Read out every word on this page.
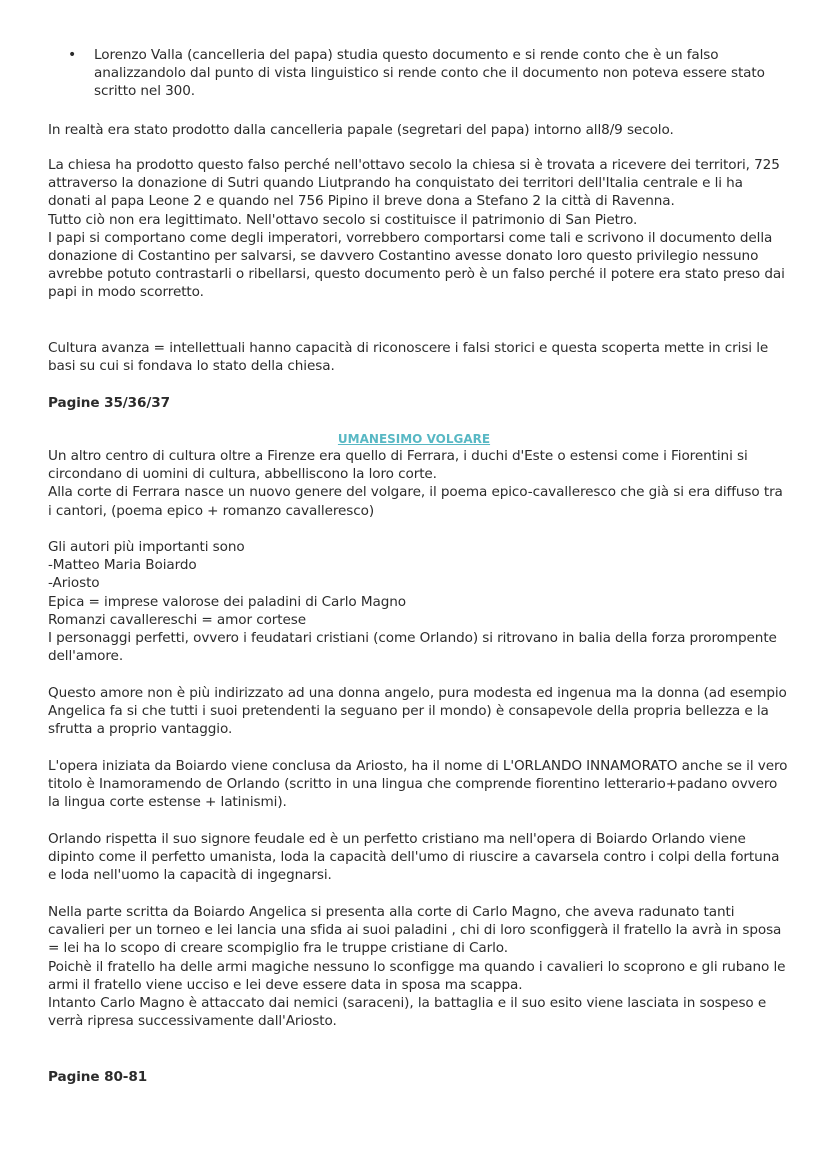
• Lorenzo Valla (cancelleria del papa) studia questo documento e si rende conto che è un falso analizzandolo dal punto di vista linguistico si rende conto che il documento non poteva essere stato scritto nel 300.

In realtà era stato prodotto dalla cancelleria papale (segretari del papa) intorno all8/9 secolo.

La chiesa ha prodotto questo falso perché nell'ottavo secolo la chiesa si è trovata a ricevere dei territori, 725 attraverso la donazione di Sutri quando Liutprando ha conquistato dei territori dell'Italia centrale e li ha donati al papa Leone 2 e quando nel 756 Pipino il breve dona a Stefano 2 la città di Ravenna.

Tutto ciò non era legittimato. Nell'ottavo secolo si costituisce il patrimonio di San Pietro.

I papi si comportano come degli imperatori, vorrebbero comportarsi come tali e scrivono il documento della donazione di Costantino per salvarsi, se davvero Costantino avesse donato loro questo privilegio nessuno avrebbe potuto contrastarli o ribellarsi, questo documento però è un falso perché il potere era stato preso dai papi in modo scorretto.

Cultura avanza = intellettuali hanno capacità di riconoscere i falsi storici e questa scoperta mette in crisi le basi su cui si fondava lo stato della chiesa.

Pagine 35/36/37

UMANESIMO VOLGARE

Un altro centro di cultura oltre a Firenze era quello di Ferrara, i duchi d'Este o estensi come i Fiorentini si circondano di uomini di cultura, abbelliscono la loro corte.

Alla corte di Ferrara nasce un nuovo genere del volgare, il poema epico-cavalleresco che già si era diffuso tra i cantori, (poema epico + romanzo cavalleresco)

Gli autori più importanti sono

-Matteo Maria Boiardo

-Ariosto

Epica = imprese valorose dei paladini di Carlo Magno

Romanzi cavallereschi = amor cortese

I personaggi perfetti, ovvero i feudatari cristiani (come Orlando) si ritrovano in balia della forza prorompente dell'amore.

Questo amore non è più indirizzato ad una donna angelo, pura modesta ed ingenua ma la donna (ad esempio Angelica fa si che tutti i suoi pretendenti la seguano per il mondo) è consapevole della propria bellezza e la sfrutta a proprio vantaggio.

L'opera iniziata da Boiardo viene conclusa da Ariosto, ha il nome di L'ORLANDO INNAMORATO anche se il vero titolo è Inamoramendo de Orlando (scritto in una lingua che comprende fiorentino letterario+padano ovvero la lingua corte estense + latinismi).

Orlando rispetta il suo signore feudale ed è un perfetto cristiano ma nell'opera di Boiardo Orlando viene dipinto come il perfetto umanista, loda la capacità dell'umo di riuscire a cavarsela contro i colpi della fortuna e loda nell'uomo la capacità di ingegnarsi.

Nella parte scritta da Boiardo Angelica si presenta alla corte di Carlo Magno, che aveva radunato tanti cavalieri per un torneo e lei lancia una sfida ai suoi paladini , chi di loro sconfiggerà il fratello la avrà in sposa = lei ha lo scopo di creare scompiglio fra le truppe cristiane di Carlo.

Poichè il fratello ha delle armi magiche nessuno lo sconfigge ma quando i cavalieri lo scoprono e gli rubano le armi il fratello viene ucciso e lei deve essere data in sposa ma scappa.

Intanto Carlo Magno è attaccato dai nemici (saraceni), la battaglia e il suo esito viene lasciata in sospeso e verrà ripresa successivamente dall'Ariosto.

Pagine 80-81
